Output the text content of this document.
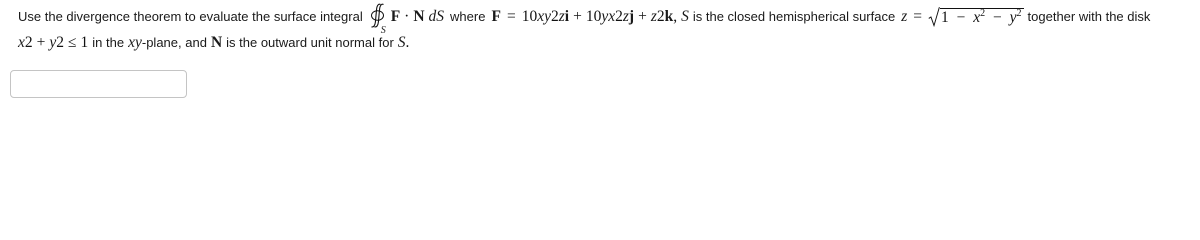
Use the divergence theorem to evaluate the surface integral
S
F · N d S where F = 10 x y 2 z i + 10 y x 2 z j + z 2 k , S is the closed hemispherical surface $z = 1 - x^2 - y^2$ together with the disk
x 2 + y 2 ≤ 1 in the xy -plane, and N is the outward unit normal for S .
